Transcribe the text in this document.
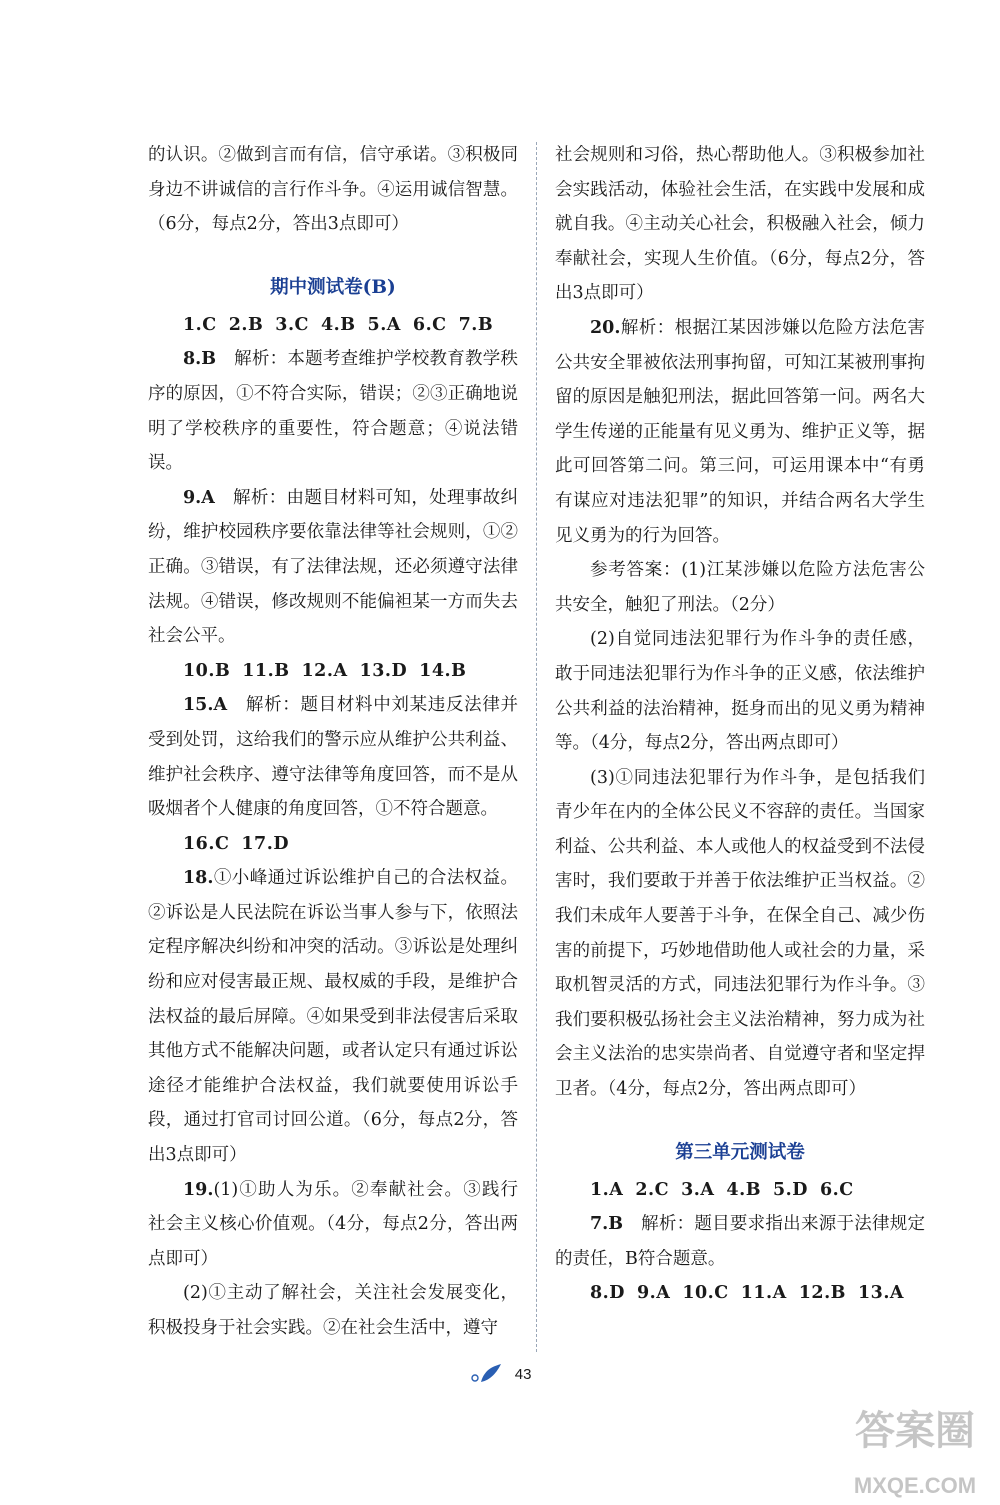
的认识。②做到言而有信，信守承诺。③积极同身边不讲诚信的言行作斗争。④运用诚信智慧。（6分，每点2分，答出3点即可）

期中测试卷(B)

1.C 2.B 3.C 4.B 5.A 6.C 7.B

8.B　 解析：本题考查维护学校教育教学秩序的原因，①不符合实际，错误；②③正确地说明了学校秩序的重要性，符合题意；④说法错误。

9.A　 解析：由题目材料可知，处理事故纠纷，维护校园秩序要依靠法律等社会规则，①②正确。③错误，有了法律法规，还必须遵守法律法规。④错误，修改规则不能偏袒某一方而失去社会公平。

10.B 11.B 12.A 13.D 14.B

15.A　 解析：题目材料中刘某违反法律并受到处罚，这给我们的警示应从维护公共利益、维护社会秩序、遵守法律等角度回答，而不是从吸烟者个人健康的角度回答，①不符合题意。

16.C 17.D

18.①小峰通过诉讼维护自己的合法权益。②诉讼是人民法院在诉讼当事人参与下，依照法定程序解决纠纷和冲突的活动。③诉讼是处理纠纷和应对侵害最正规、最权威的手段，是维护合法权益的最后屏障。④如果受到非法侵害后采取其他方式不能解决问题，或者认定只有通过诉讼途径才能维护合法权益，我们就要使用诉讼手段，通过打官司讨回公道。（6分，每点2分，答出3点即可）

19.(1)①助人为乐。②奉献社会。③践行社会主义核心价值观。（4分，每点2分，答出两点即可）

(2)①主动了解社会，关注社会发展变化，积极投身于社会实践。②在社会生活中，遵守

社会规则和习俗，热心帮助他人。③积极参加社会实践活动，体验社会生活，在实践中发展和成就自我。④主动关心社会，积极融入社会，倾力奉献社会，实现人生价值。（6分，每点2分，答出3点即可）

20.解析：根据江某因涉嫌以危险方法危害公共安全罪被依法刑事拘留，可知江某被刑事拘留的原因是触犯刑法，据此回答第一问。两名大学生传递的正能量有见义勇为、维护正义等，据此可回答第二问。第三问，可运用课本中“有勇有谋应对违法犯罪”的知识，并结合两名大学生见义勇为的行为回答。

参考答案：(1)江某涉嫌以危险方法危害公共安全，触犯了刑法。（2分）

(2)自觉同违法犯罪行为作斗争的责任感，敢于同违法犯罪行为作斗争的正义感，依法维护公共利益的法治精神，挺身而出的见义勇为精神等。（4分，每点2分，答出两点即可）

(3)①同违法犯罪行为作斗争，是包括我们青少年在内的全体公民义不容辞的责任。当国家利益、公共利益、本人或他人的权益受到不法侵害时，我们要敢于并善于依法维护正当权益。②我们未成年人要善于斗争，在保全自己、减少伤害的前提下，巧妙地借助他人或社会的力量，采取机智灵活的方式，同违法犯罪行为作斗争。③我们要积极弘扬社会主义法治精神，努力成为社会主义法治的忠实崇尚者、自觉遵守者和坚定捍卫者。（4分，每点2分，答出两点即可）

第三单元测试卷

1.A 2.C 3.A 4.B 5.D 6.C

7.B　 解析：题目要求指出来源于法律规定的责任，B符合题意。

8.D 9.A 10.C 11.A 12.B 13.A

43
答案圈
MXQE.COM
